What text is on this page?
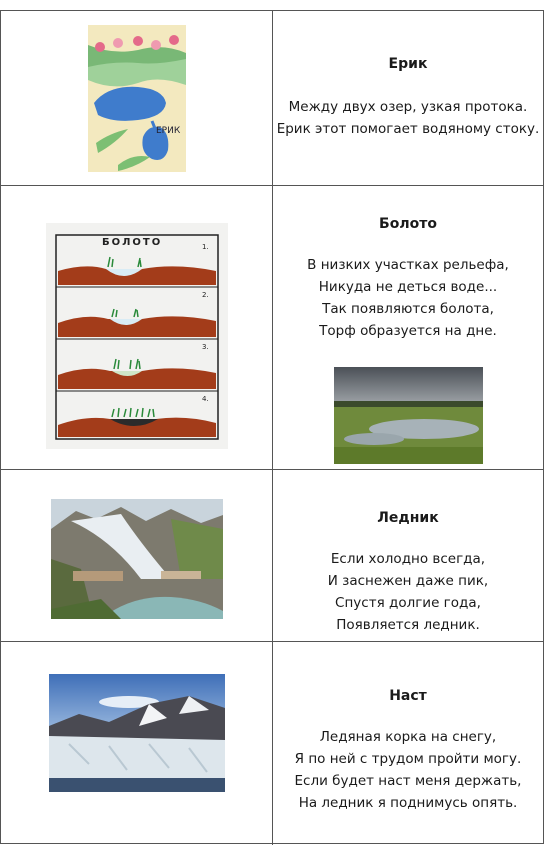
ЕРИК
Ерик
Между двух озер, узкая протока.
Ерик этот помогает водяному стоку.
БОЛОТО	1.
2.
3.
4.
Болото
В низких участках рельефа,
Никуда не деться воде...
Так появляются болота,
Торф образуется на дне.
Ледник
Если холодно всегда,
И заснежен даже пик,
Спустя долгие года,
Появляется ледник.
Наст
Ледяная корка на снегу,
Я по ней с трудом пройти могу.
Если будет наст меня держать,
На ледник я поднимусь опять.
